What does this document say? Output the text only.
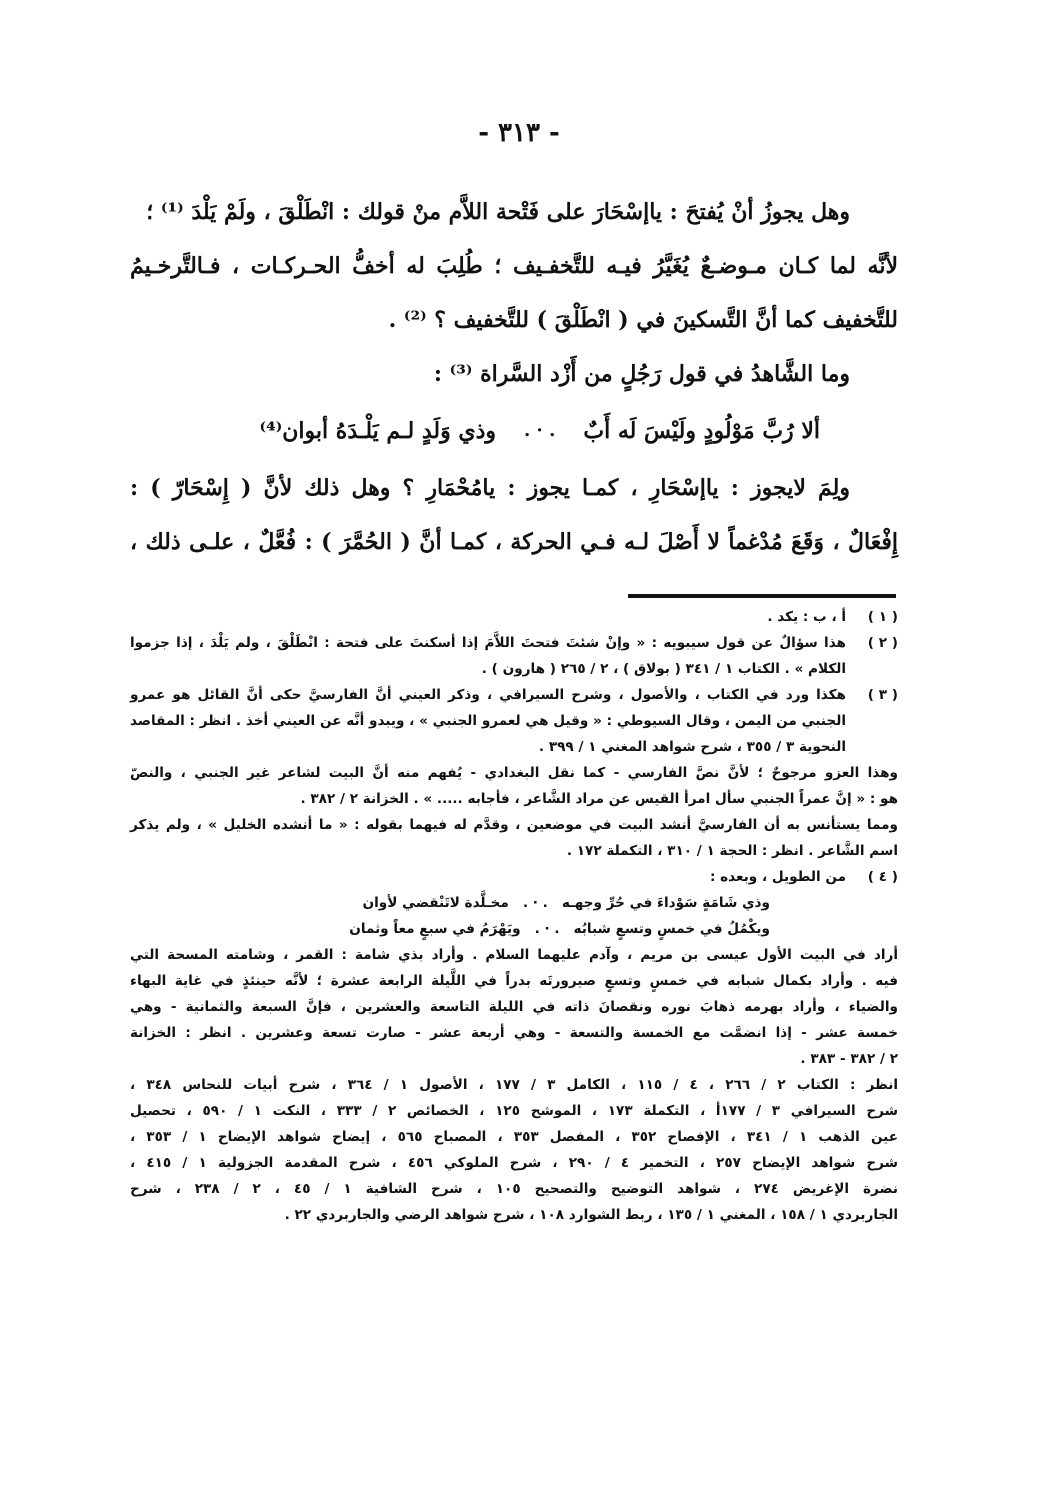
- ٣١٣ -

وهل يجوزُ أنْ يُفتحَ : ياإسْحَارَ على فَتْحة اللاَّم منْ قولك : انْطَلْقَ ، ولَمْ يَلْدَ ⁽¹⁾ ؛

لأنَّه لما كـان مـوضـعٌ يُغَيَّرُ فيـه للتَّخفـيف ؛ طُلِبَ له أخفُّ الحـركـات ، فـالتَّرخـيمُ

للتَّخفيف كما أنَّ التَّسكينَ في ( انْطَلْقَ ) للتَّخفيف ؟ ⁽²⁾ .

وما الشَّاهدُ في قول رَجُلٍ من أَزْد السَّراة ⁽³⁾ :

ألا رُبَّ مَوْلُودٍ ولَيْسَ لَه أَبٌ
. · .
وذي وَلَدٍ لـم يَلْـدَهُ أبوان⁽⁴⁾

ولِمَ لايجوز : ياإسْحَارِ ، كمـا يجوز : يامُحْمَارِ ؟ وهل ذلك لأنَّ ( إِسْحَارّ ) :

إِفْعَالٌ ، وَقَعَ مُدْغماً لا أَصْلَ لـه فـي الحركة ، كمـا أنَّ ( الحُمَّرَ ) : فُعَّلٌ ، علـى ذلك ،

( ١ )

أ ، ب : يكد .

( ٢ )

هذا سؤالٌ عن قول سيبويه : « وإنْ شئتَ فتحتَ اللاَّمَ إذا أسكنتَ على فتحة : انْطَلْقَ ، ولم يَلْدَ ، إذا جزموا

الكلام » . الكتاب ١ / ٣٤١ ( بولاق ) ، ٢ / ٢٦٥ ( هارون ) .

( ٣ )

هكذا ورد في الكتاب ، والأصول ، وشرح السيرافي ، وذكر العيني أنَّ الفارسيَّ حكى أنَّ القائل هو عمرو

الجنبي من اليمن ، وقال السيوطي : « وقيل هي لعمرو الجنبي » ، ويبدو أنَّه عن العيني أخذ . انظر : المقاصد

النحوية ٣ / ٣٥٥ ، شرح شواهد المغني ١ / ٣٩٩ .

وهذا العزو مرجوحٌ ؛ لأنَّ نصَّ الفارسي - كما نقل البغدادي - يُفهم منه أنَّ البيت لشاعر غير الجنبي ، والنصّ

هو : « إنَّ عمراً الجنبي سأل امرأ القيس عن مراد الشَّاعر ، فأجابه ..... » . الخزانة ٢ / ٣٨٢ .

ومما يستأنس به أن الفارسيَّ أنشد البيت في موضعين ، وقدَّم له فيهما بقوله : « ما أنشده الخليل » ، ولم يذكر

اسم الشَّاعر . انظر : الحجة ١ / ٣١٠ ، التكملة ١٧٢ .

( ٤ )

من الطويل ، وبعده :

وذي شَامَةٍ سَوْداءَ في حُرِّ وجهـه
. · .
مخـلَّدة لاتَنْقضي لأوان
ويكْمُلُ في خمسٍ وتسعٍ شبابُه
. · .
ويَهْرَمُ في سبعٍ معاً وثمان

أراد في البيت الأول عيسى بن مريم ، وآدم عليهما السلام . وأراد بذي شامة : القمر ، وشامته المسحة التي

فيه . وأراد بكمال شبابه في خمسٍ وتسعٍ صيرورتَه بدراً في اللَّيلة الرابعة عشرة ؛ لأنَّه حينئذٍ في غاية البهاء

والضياء ، وأراد بهرمه ذهابَ نوره ونقصانَ ذاته في الليلة التاسعة والعشرين ، فإنَّ السبعة والثمانية - وهي

خمسة عشر - إذا انضمَّت مع الخمسة والتسعة - وهي أربعة عشر - صارت تسعة وعشرين . انظر : الخزانة

٢ / ٣٨٢ - ٣٨٣ .

انظر : الكتاب ٢ / ٢٦٦ ، ٤ / ١١٥ ، الكامل ٣ / ١٧٧ ، الأصول ١ / ٣٦٤ ، شرح أبيات للنحاس ٣٤٨ ،

شرح السيرافي ٣ / ١٧٧أ ، التكملة ١٧٣ ، الموشح ١٢٥ ، الخصائص ٢ / ٣٣٣ ، النكت ١ / ٥٩٠ ، تحصيل

عين الذهب ١ / ٣٤١ ، الإفصاح ٣٥٢ ، المفصل ٣٥٣ ، المصباح ٥٦٥ ، إيضاح شواهد الإيضاح ١ / ٣٥٣ ،

شرح شواهد الإيضاح ٢٥٧ ، التخمير ٤ / ٢٩٠ ، شرح الملوكي ٤٥٦ ، شرح المقدمة الجزولية ١ / ٤١٥ ،

نضرة الإغريض ٢٧٤ ، شواهد التوضيح والتصحيح ١٠٥ ، شرح الشافية ١ / ٤٥ ، ٢ / ٢٣٨ ، شرح

الجاربردي ١ / ١٥٨ ، المغني ١ / ١٣٥ ، ربط الشوارد ١٠٨ ، شرح شواهد الرضي والجاربردي ٢٢ .
